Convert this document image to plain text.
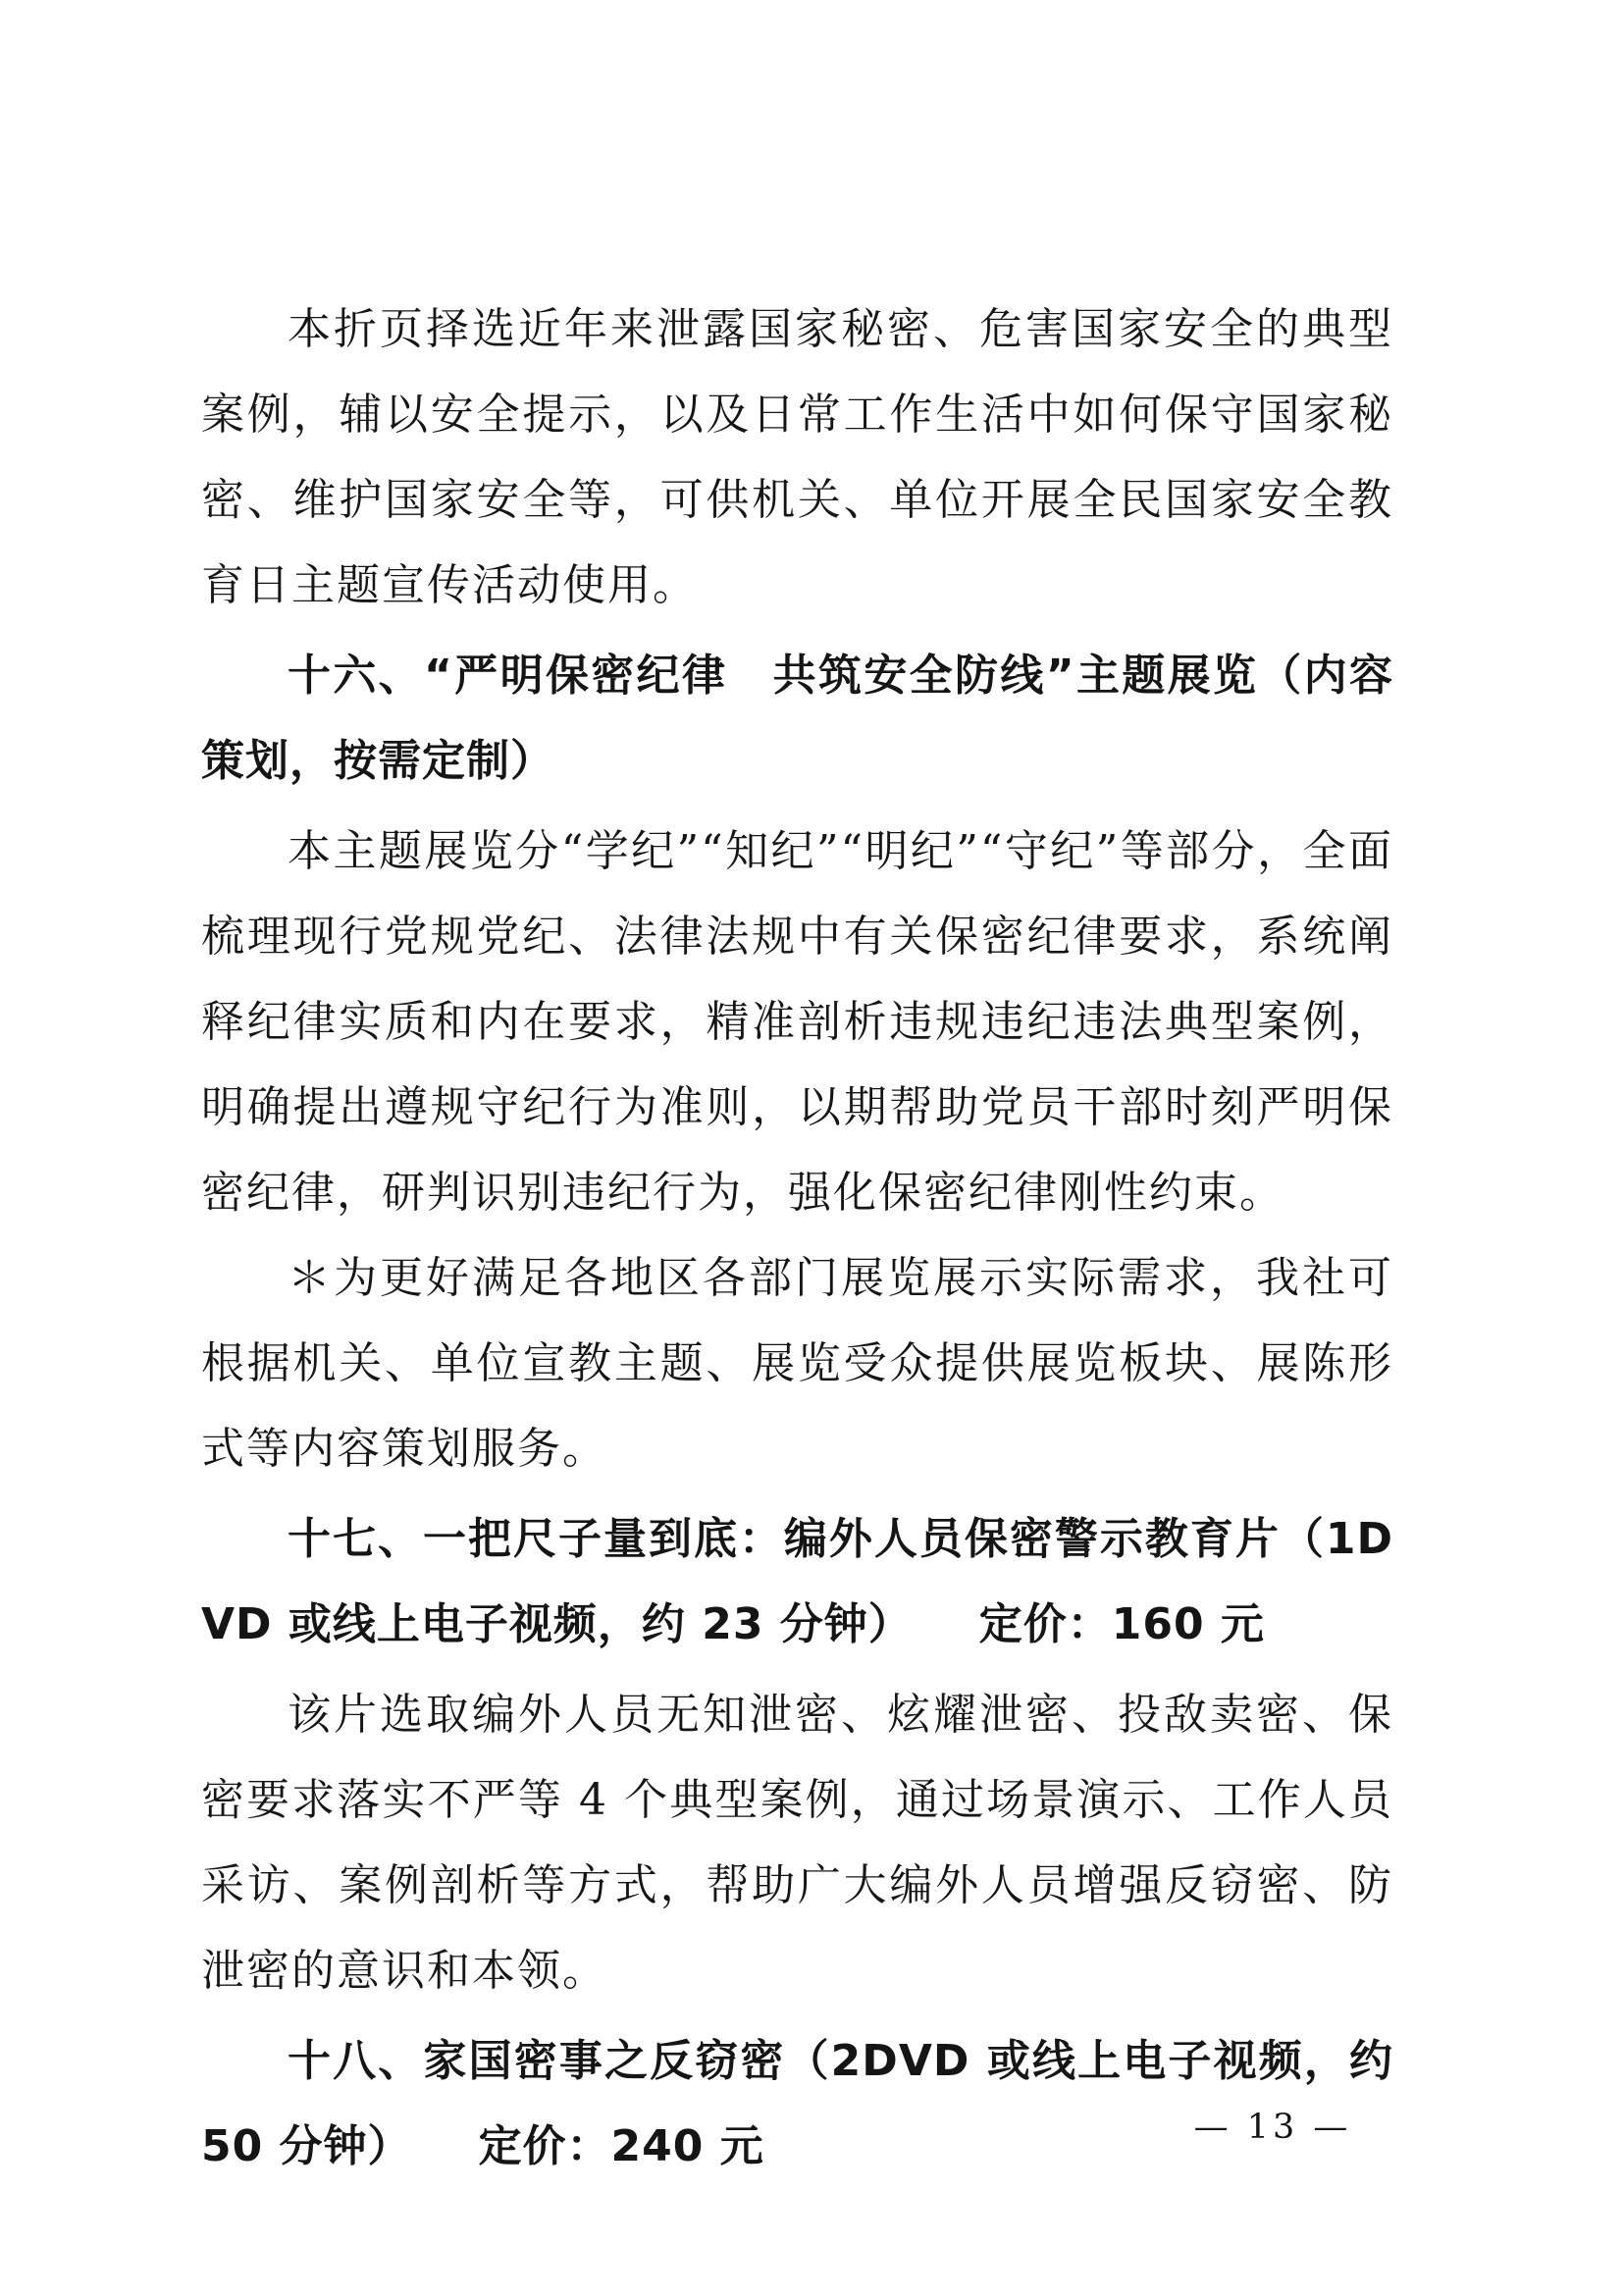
本折页择选近年来泄露国家秘密、危害国家安全的典型案例，辅以安全提示，以及日常工作生活中如何保守国家秘密、维护国家安全等，可供机关、单位开展全民国家安全教育日主题宣传活动使用。

十六、“严明保密纪律　共筑安全防线”主题展览（内容策划，按需定制）

本主题展览分“学纪”“知纪”“明纪”“守纪”等部分，全面梳理现行党规党纪、法律法规中有关保密纪律要求，系统阐释纪律实质和内在要求，精准剖析违规违纪违法典型案例，明确提出遵规守纪行为准则，以期帮助党员干部时刻严明保密纪律，研判识别违纪行为，强化保密纪律刚性约束。

＊为更好满足各地区各部门展览展示实际需求，我社可根据机关、单位宣教主题、展览受众提供展览板块、展陈形式等内容策划服务。

十七、一把尺子量到底：编外人员保密警示教育片（1DVD 或线上电子视频，约 23 分钟）　　 定价：160 元

该片选取编外人员无知泄密、炫耀泄密、投敌卖密、保密要求落实不严等 4 个典型案例，通过场景演示、工作人员采访、案例剖析等方式，帮助广大编外人员增强反窃密、防泄密的意识和本领。

十八、家国密事之反窃密（2DVD 或线上电子视频，约 50 分钟）　　 定价：240 元	— 13 —
